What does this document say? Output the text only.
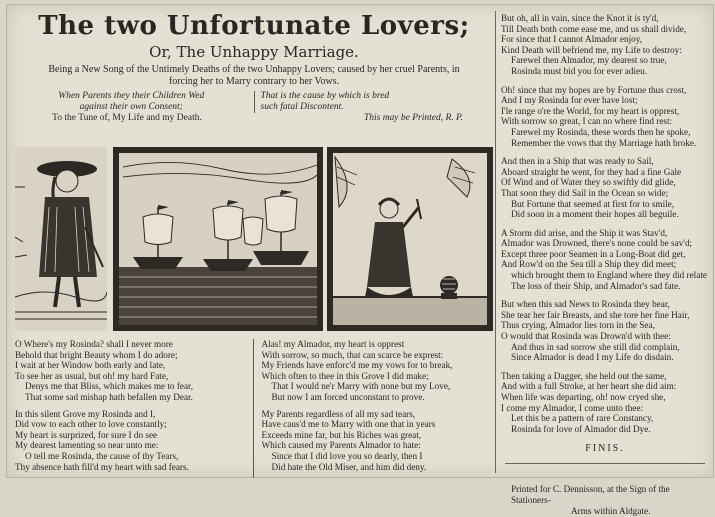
The two Unfortunate Lovers;
Or, The Unhappy Marriage.
Being a New Song of the Untimely Deaths of the two Unhappy Lovers; caused by her cruel Parents, in forcing her to Marry contrary to her Vows.
When Parents they their Children Wed
against their own Consent;
That is the cause by which is bred
such fatal Discontent.
To the Tune of, My Life and my Death.	This may be Printed, R. P.
O Where's my Rosinda? shall I never more
Behold that bright Beauty whom I do adore;
I wait at her Window both early and late,
To see her as usual, but oh! my hard Fate,
Denys me that Bliss, which makes me to fear,
That some sad mishap hath befallen my Dear.
In this silent Grove my Rosinda and I,
Did vow to each other to love constantly;
My heart is surprized, for sure I do see
My dearest lamenting so near unto me:
O tell me Rosinda, the cause of thy Tears,
Thy absence hath fill'd my heart with sad fears.
Alas! my Almador, my heart is opprest
With sorrow, so much, that can scarce be exprest:
My Friends have enforc'd me my vows for to break,
Which often to thee in this Grove I did make;
That I would ne'r Marry with none but my Love,
But now I am forced unconstant to prove.
My Parents regardless of all my sad tears,
Have caus'd me to Marry with one that in years
Exceeds mine far, but his Riches was great,
Which caused my Parents Almador to hate:
Since that I did love you so dearly, then I
Did hate the Old Miser, and him did deny.
But oh, all in vain, since the Knot it is ty'd,
Till Death both come ease me, and us shall divide,
For since that I cannot Almador enjoy,
Kind Death will befriend me, my Life to destroy:
Farewel then Almador, my dearest so true,
Rosinda must bid you for ever adieu.
Oh! since that my hopes are by Fortune thus crost,
And I my Rosinda for ever have lost;
I'le range o're the World, for my heart is opprest,
With sorrow so great, I can no where find rest:
Farewel my Rosinda, these words then he spoke,
Remember the vows that thy Marriage hath broke.
And then in a Ship that was ready to Sail,
Aboard straight he went, for they had a fine Gale
Of Wind and of Water they so swiftly did glide,
That soon they did Sail in the Ocean so wide;
But Fortune that seemed at first for to smile,
Did soon in a moment their hopes all beguile.
A Storm did arise, and the Ship it was Stav'd,
Almador was Drowned, there's none could be sav'd;
Except three poor Seamen in a Long-Boat did get,
And Row'd on the Sea till a Ship they did meet;
which brought them to England where they did relate
The loss of their Ship, and Almador's sad fate.
But when this sad News to Rosinda they bear,
She tear her fair Breasts, and she tore her fine Hair,
Thus crying, Almador lies torn in the Sea,
O would that Rosinda was Drown'd with thee:
And thus in sad sorrow she still did complain,
Since Almador is dead I my Life do disdain.
Then taking a Dagger, she held out the same,
And with a full Stroke, at her heart she did aim:
When life was departing, oh! now cryed she,
I come my Almador, I come unto thee:
Let this be a pattern of rare Constancy,
Rosinda for love of Almador did Dye.
FINIS.
Printed for C. Dennisson, at the Sign of the Stationers-
Arms within Aldgate.
